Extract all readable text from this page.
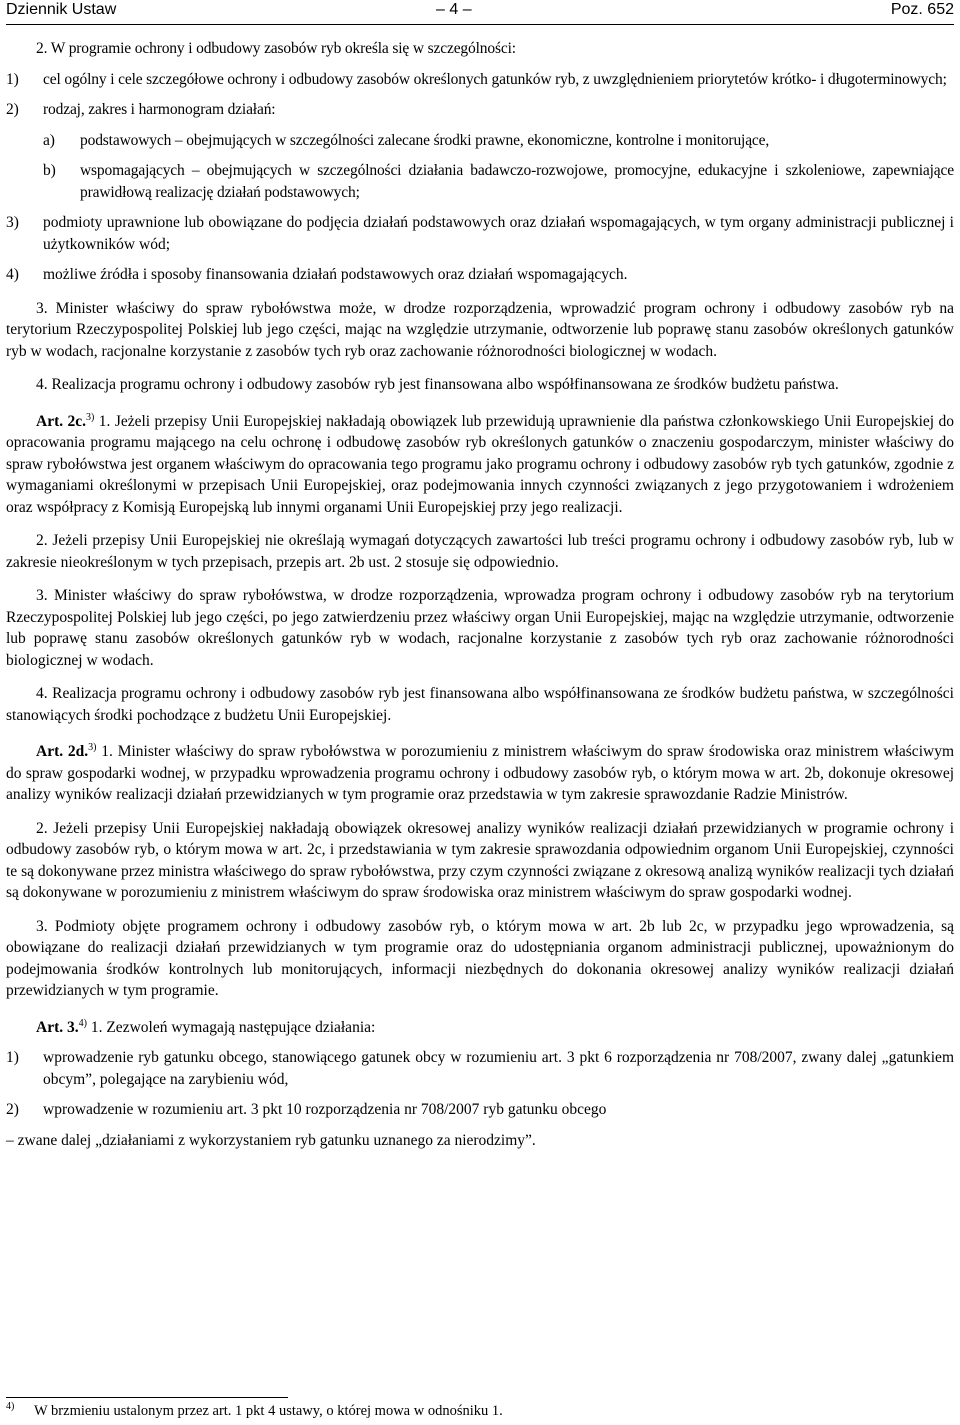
Dziennik Ustaw	– 4 –	Poz. 652

2. W programie ochrony i odbudowy zasobów ryb określa się w szczególności:

1)	cel ogólny i cele szczegółowe ochrony i odbudowy zasobów określonych gatunków ryb, z uwzględnieniem priorytetów krótko- i długoterminowych;
2)	rodzaj, zakres i harmonogram działań:
a)	podstawowych – obejmujących w szczególności zalecane środki prawne, ekonomiczne, kontrolne i monitorujące,
b)	wspomagających – obejmujących w szczególności działania badawczo-rozwojowe, promocyjne, edukacyjne i szkoleniowe, zapewniające prawidłową realizację działań podstawowych;
3)	podmioty uprawnione lub obowiązane do podjęcia działań podstawowych oraz działań wspomagających, w tym organy administracji publicznej i użytkowników wód;
4)	możliwe źródła i sposoby finansowania działań podstawowych oraz działań wspomagających.

3. Minister właściwy do spraw rybołówstwa może, w drodze rozporządzenia, wprowadzić program ochrony i odbudowy zasobów ryb na terytorium Rzeczypospolitej Polskiej lub jego części, mając na względzie utrzymanie, odtworzenie lub poprawę stanu zasobów określonych gatunków ryb w wodach, racjonalne korzystanie z zasobów tych ryb oraz zachowanie różnorodności biologicznej w wodach.

4. Realizacja programu ochrony i odbudowy zasobów ryb jest finansowana albo współfinansowana ze środków budżetu państwa.

Art. 2c.$^{3)}$ 1. Jeżeli przepisy Unii Europejskiej nakładają obowiązek lub przewidują uprawnienie dla państwa członkowskiego Unii Europejskiej do opracowania programu mającego na celu ochronę i odbudowę zasobów ryb określonych gatunków o znaczeniu gospodarczym, minister właściwy do spraw rybołówstwa jest organem właściwym do opracowania tego programu jako programu ochrony i odbudowy zasobów ryb tych gatunków, zgodnie z wymaganiami określonymi w przepisach Unii Europejskiej, oraz podejmowania innych czynności związanych z jego przygotowaniem i wdrożeniem oraz współpracy z Komisją Europejską lub innymi organami Unii Europejskiej przy jego realizacji.

2. Jeżeli przepisy Unii Europejskiej nie określają wymagań dotyczących zawartości lub treści programu ochrony i odbudowy zasobów ryb, lub w zakresie nieokreślonym w tych przepisach, przepis art. 2b ust. 2 stosuje się odpowiednio.

3. Minister właściwy do spraw rybołówstwa, w drodze rozporządzenia, wprowadza program ochrony i odbudowy zasobów ryb na terytorium Rzeczypospolitej Polskiej lub jego części, po jego zatwierdzeniu przez właściwy organ Unii Europejskiej, mając na względzie utrzymanie, odtworzenie lub poprawę stanu zasobów określonych gatunków ryb w wodach, racjonalne korzystanie z zasobów tych ryb oraz zachowanie różnorodności biologicznej w wodach.

4. Realizacja programu ochrony i odbudowy zasobów ryb jest finansowana albo współfinansowana ze środków budżetu państwa, w szczególności stanowiących środki pochodzące z budżetu Unii Europejskiej.

Art. 2d.$^{3)}$ 1. Minister właściwy do spraw rybołówstwa w porozumieniu z ministrem właściwym do spraw środowiska oraz ministrem właściwym do spraw gospodarki wodnej, w przypadku wprowadzenia programu ochrony i odbudowy zasobów ryb, o którym mowa w art. 2b, dokonuje okresowej analizy wyników realizacji działań przewidzianych w tym programie oraz przedstawia w tym zakresie sprawozdanie Radzie Ministrów.

2. Jeżeli przepisy Unii Europejskiej nakładają obowiązek okresowej analizy wyników realizacji działań przewidzianych w programie ochrony i odbudowy zasobów ryb, o którym mowa w art. 2c, i przedstawiania w tym zakresie sprawozdania odpowiednim organom Unii Europejskiej, czynności te są dokonywane przez ministra właściwego do spraw rybołówstwa, przy czym czynności związane z okresową analizą wyników realizacji tych działań są dokonywane w porozumieniu z ministrem właściwym do spraw środowiska oraz ministrem właściwym do spraw gospodarki wodnej.

3. Podmioty objęte programem ochrony i odbudowy zasobów ryb, o którym mowa w art. 2b lub 2c, w przypadku jego wprowadzenia, są obowiązane do realizacji działań przewidzianych w tym programie oraz do udostępniania organom administracji publicznej, upoważnionym do podejmowania środków kontrolnych lub monitorujących, informacji niezbędnych do dokonania okresowej analizy wyników realizacji działań przewidzianych w tym programie.

Art. 3.$^{4)}$ 1. Zezwoleń wymagają następujące działania:

1)	wprowadzenie ryb gatunku obcego, stanowiącego gatunek obcy w rozumieniu art. 3 pkt 6 rozporządzenia nr 708/2007, zwany dalej „gatunkiem obcym”, polegające na zarybieniu wód,
2)	wprowadzenie w rozumieniu art. 3 pkt 10 rozporządzenia nr 708/2007 ryb gatunku obcego

– zwane dalej „działaniami z wykorzystaniem ryb gatunku uznanego za nierodzimy”.

4)	W brzmieniu ustalonym przez art. 1 pkt 4 ustawy, o której mowa w odnośniku 1.
